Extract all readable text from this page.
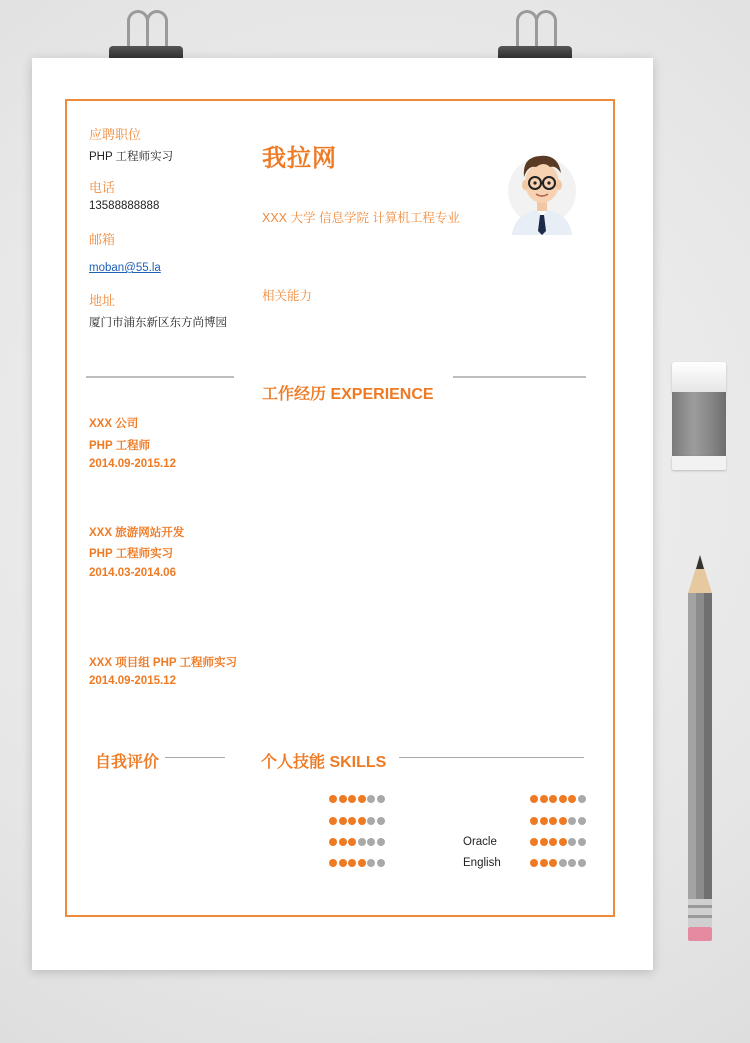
应聘职位
PHP 工程师实习
电话
13588888888
邮箱
moban@55.la
地址
厦门市浦东新区东方尚博园
我拉网
XXX 大学 信息学院 计算机工程专业
相关能力
工作经历 EXPERIENCE
XXX 公司
PHP 工程师
2014.09-2015.12
XXX 旅游网站开发
PHP 工程师实习
2014.03-2014.06
XXX 项目组 PHP 工程师实习
2014.09-2015.12
自我评价	个人技能 SKILLS
Oracle
English
